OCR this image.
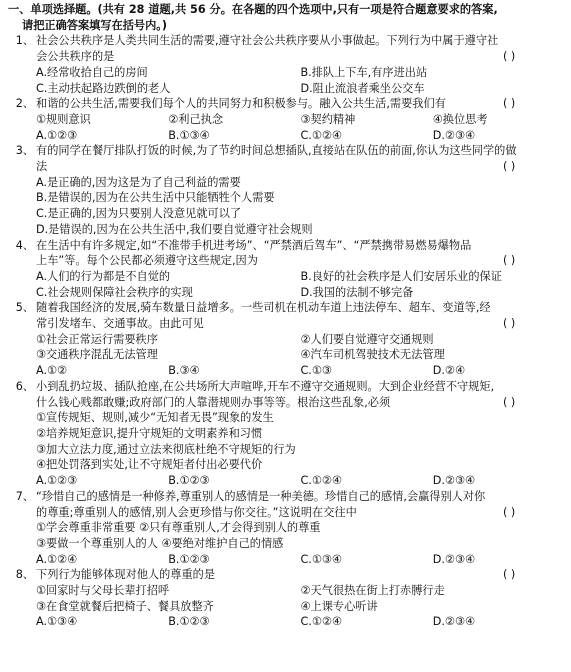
一、单项选择题。(共有 28 道题,共 56 分。在各题的四个选项中,只有一项是符合题意要求的答案,
请把正确答案填写在括号内。)
1、 社会公共秩序是人类共同生活的需要,遵守社会公共秩序要从小事做起。下列行为中属于遵守社
会公共秩序的是	( )
A.经常收拾自己的房间	B.排队上下车,有序进出站
C.主动扶起路边跌倒的老人	D.阻止流浪者乘坐公交车
2、 和谐的公共生活,需要我们每个人的共同努力和积极参与。融入公共生活,需要我们有	( )
①规则意识	②利己执念	③契约精神	④换位思考
A.①②③	B.①③④	C.①②④	D.②③④
3、 有的同学在餐厅排队打饭的时候,为了节约时间总想插队,直接站在队伍的前面,你认为这些同学的做
法	( )
A.是正确的,因为这是为了自己利益的需要
B.是错误的,因为在公共生活中只能牺牲个人需要
C.是正确的,因为只要别人没意见就可以了
D.是错误的,因为在公共生活中,我们要自觉遵守社会规则
4、 在生活中有许多规定,如“不准带手机进考场”、“严禁酒后驾车”、“严禁携带易燃易爆物品
上车”等。每个公民都必须遵守这些规定,因为	( )
A.人们的行为都是不自觉的	B.良好的社会秩序是人们安居乐业的保证
C.社会规则保障社会秩序的实现	D.我国的法制不够完备
5、 随着我国经济的发展,骑车数量日益增多。一些司机在机动车道上违法停车、超车、变道等,经
常引发堵车、交通事故。由此可见	( )
①社会正常运行需要秩序	②人们要自觉遵守交通规则
③交通秩序混乱无法管理	④汽车司机驾驶技术无法管理
A.①②	B.③④	C.①③	D.②④
6、 小到乱扔垃圾、插队抢座,在公共场所大声喧哗,开车不遵守交通规则。大到企业经营不守规矩,
什么钱心贱都敢赚;政府部门的人靠潜规则办事等等。根治这些乱象,必须	( )
①宣传规矩、规则,减少“无知者无畏”现象的发生
②培养规矩意识,提升守规矩的文明素养和习惯
③加大立法力度,通过立法来彻底杜绝不守规矩的行为
④把处罚落到实处,让不守规矩者付出必要代价
A.①②③	B.①②③	C.①②④	D.②③④
7、 “珍惜自己的感情是一种修养,尊重别人的感情是一种美德。珍惜自己的感情,会赢得别人对你
的尊重;尊重别人的感情,别人会更珍惜与你交往。”这说明在交往中	( )
①学会尊重非常重要 ②只有尊重别人,才会得到别人的尊重
③要做一个尊重别人的人 ④要绝对维护自己的情感
A.①②④	B.①②③	C.①③④	D.②③④
8、 下列行为能够体现对他人的尊重的是	( )
①回家时与父母长辈打招呼	②天气很热在街上打赤膊行走
③在食堂就餐后把椅子、餐具放整齐	④上课专心听讲
A.①③④	B.①②③	C.①②④	D.②③④
